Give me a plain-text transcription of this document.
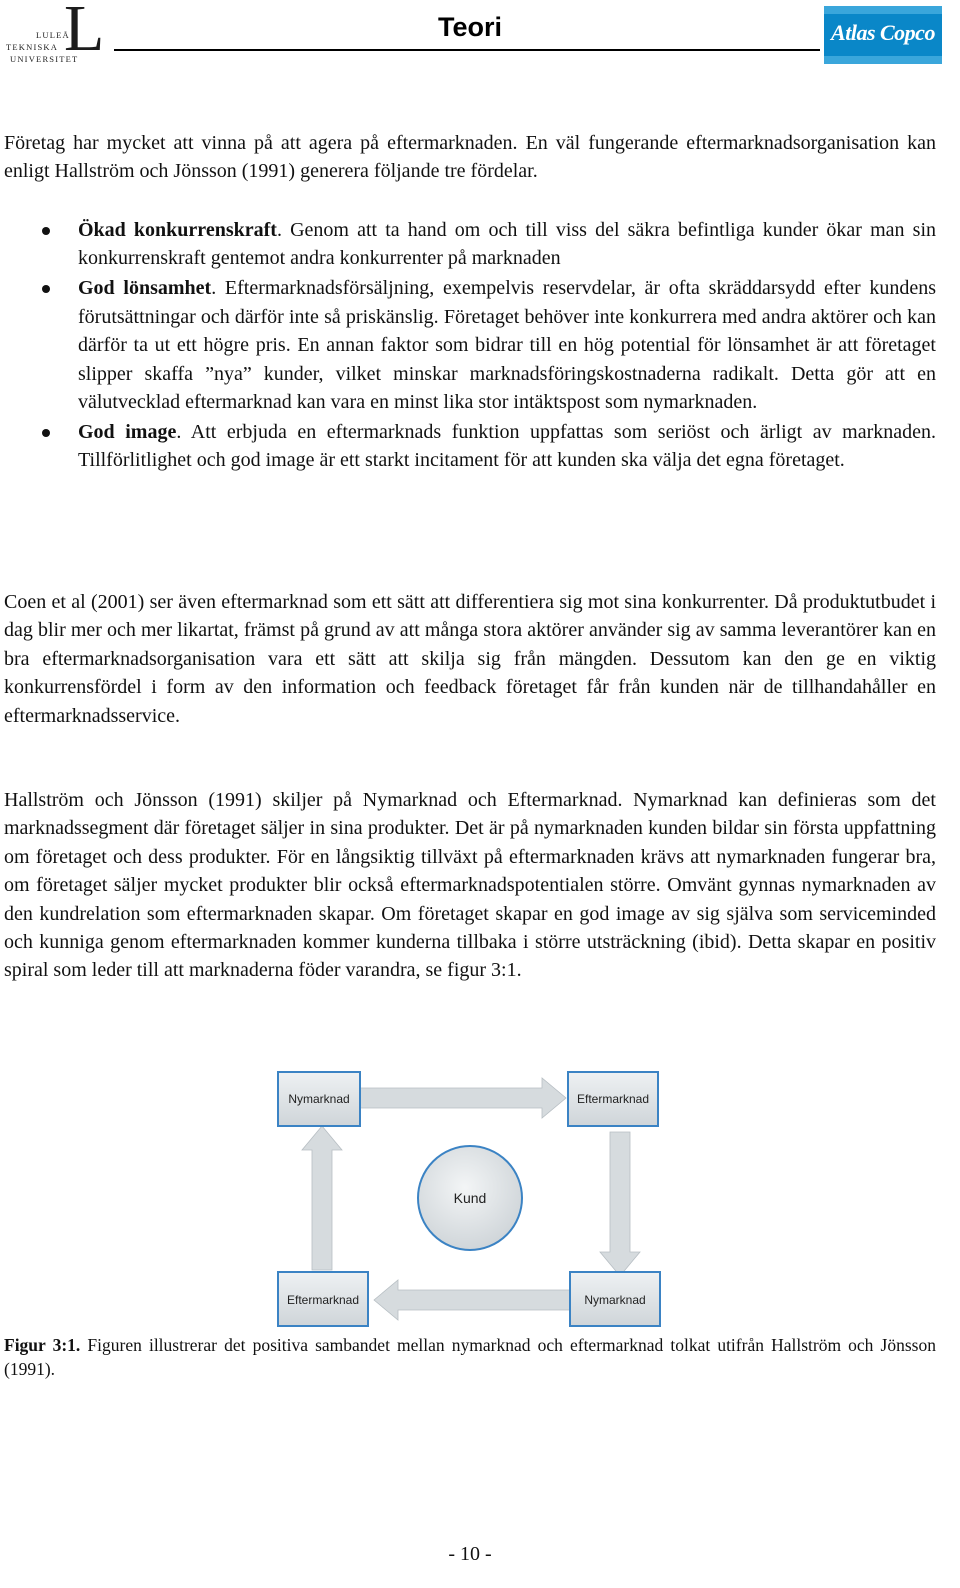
L
LULEÅ
TEKNISKA
UNIVERSITET
Teori	Atlas Copco

Företag har mycket att vinna på att agera på eftermarknaden. En väl fungerande eftermarknadsorganisation kan enligt Hallström och Jönsson (1991) generera följande tre fördelar.

Ökad konkurrenskraft. Genom att ta hand om och till viss del säkra befintliga kunder ökar man sin konkurrenskraft gentemot andra konkurrenter på marknaden
God lönsamhet. Eftermarknadsförsäljning, exempelvis reservdelar, är ofta skräddarsydd efter kundens förutsättningar och därför inte så priskänslig. Företaget behöver inte konkurrera med andra aktörer och kan därför ta ut ett högre pris. En annan faktor som bidrar till en hög potential för lönsamhet är att företaget slipper skaffa ”nya” kunder, vilket minskar marknadsföringskostnaderna radikalt. Detta gör att en välutvecklad eftermarknad kan vara en minst lika stor intäktspost som nymarknaden.
God image. Att erbjuda en eftermarknads funktion uppfattas som seriöst och ärligt av marknaden. Tillförlitlighet och god image är ett starkt incitament för att kunden ska välja det egna företaget.

Coen et al (2001) ser även eftermarknad som ett sätt att differentiera sig mot sina konkurrenter. Då produktutbudet i dag blir mer och mer likartat, främst på grund av att många stora aktörer använder sig av samma leverantörer kan en bra eftermarknadsorganisation vara ett sätt att skilja sig från mängden. Dessutom kan den ge en viktig konkurrensfördel i form av den information och feedback företaget får från kunden när de tillhandahåller en eftermarknadsservice.

Hallström och Jönsson (1991) skiljer på Nymarknad och Eftermarknad. Nymarknad kan definieras som det marknadssegment där företaget säljer in sina produkter. Det är på nymarknaden kunden bildar sin första uppfattning om företaget och dess produkter. För en långsiktig tillväxt på eftermarknaden krävs att nymarknaden fungerar bra, om företaget säljer mycket produkter blir också eftermarknadspotentialen större. Omvänt gynnas nymarknaden av den kundrelation som eftermarknaden skapar. Om företaget skapar en god image av sig själva som serviceminded och kunniga genom eftermarknaden kommer kunderna tillbaka i större utsträckning (ibid). Detta skapar en positiv spiral som leder till att marknaderna föder varandra, se figur 3:1.

Nymarknad	Eftermarknad
Eftermarknad	Nymarknad
Kund

Figur 3:1. Figuren illustrerar det positiva sambandet mellan nymarknad och eftermarknad tolkat utifrån Hallström och Jönsson (1991).

- 10 -
